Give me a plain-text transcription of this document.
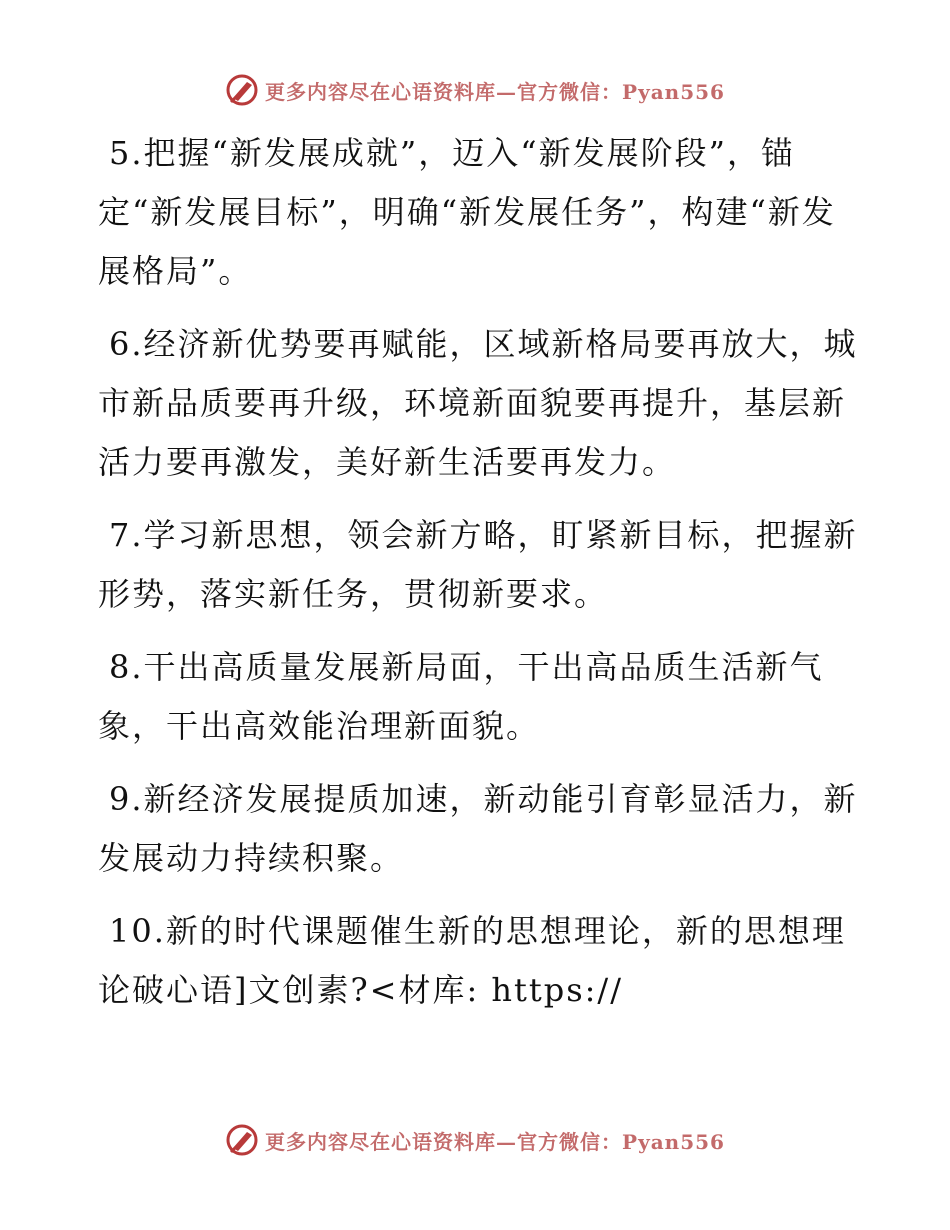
更多内容尽在心语资料库—官方微信：Pyan556

5.把握“新发展成就”，迈入“新发展阶段”，锚定“新发展目标”，明确“新发展任务”，构建“新发展格局”。

6.经济新优势要再赋能，区域新格局要再放大，城市新品质要再升级，环境新面貌要再提升，基层新活力要再激发，美好新生活要再发力。

7.学习新思想，领会新方略，盯紧新目标，把握新形势，落实新任务，贯彻新要求。

8.干出高质量发展新局面，干出高品质生活新气象，干出高效能治理新面貌。

9.新经济发展提质加速，新动能引育彰显活力，新发展动力持续积聚。

10.新的时代课题催生新的思想理论，新的思想理论破心语]文创素?<材库: https://

更多内容尽在心语资料库—官方微信：Pyan556
